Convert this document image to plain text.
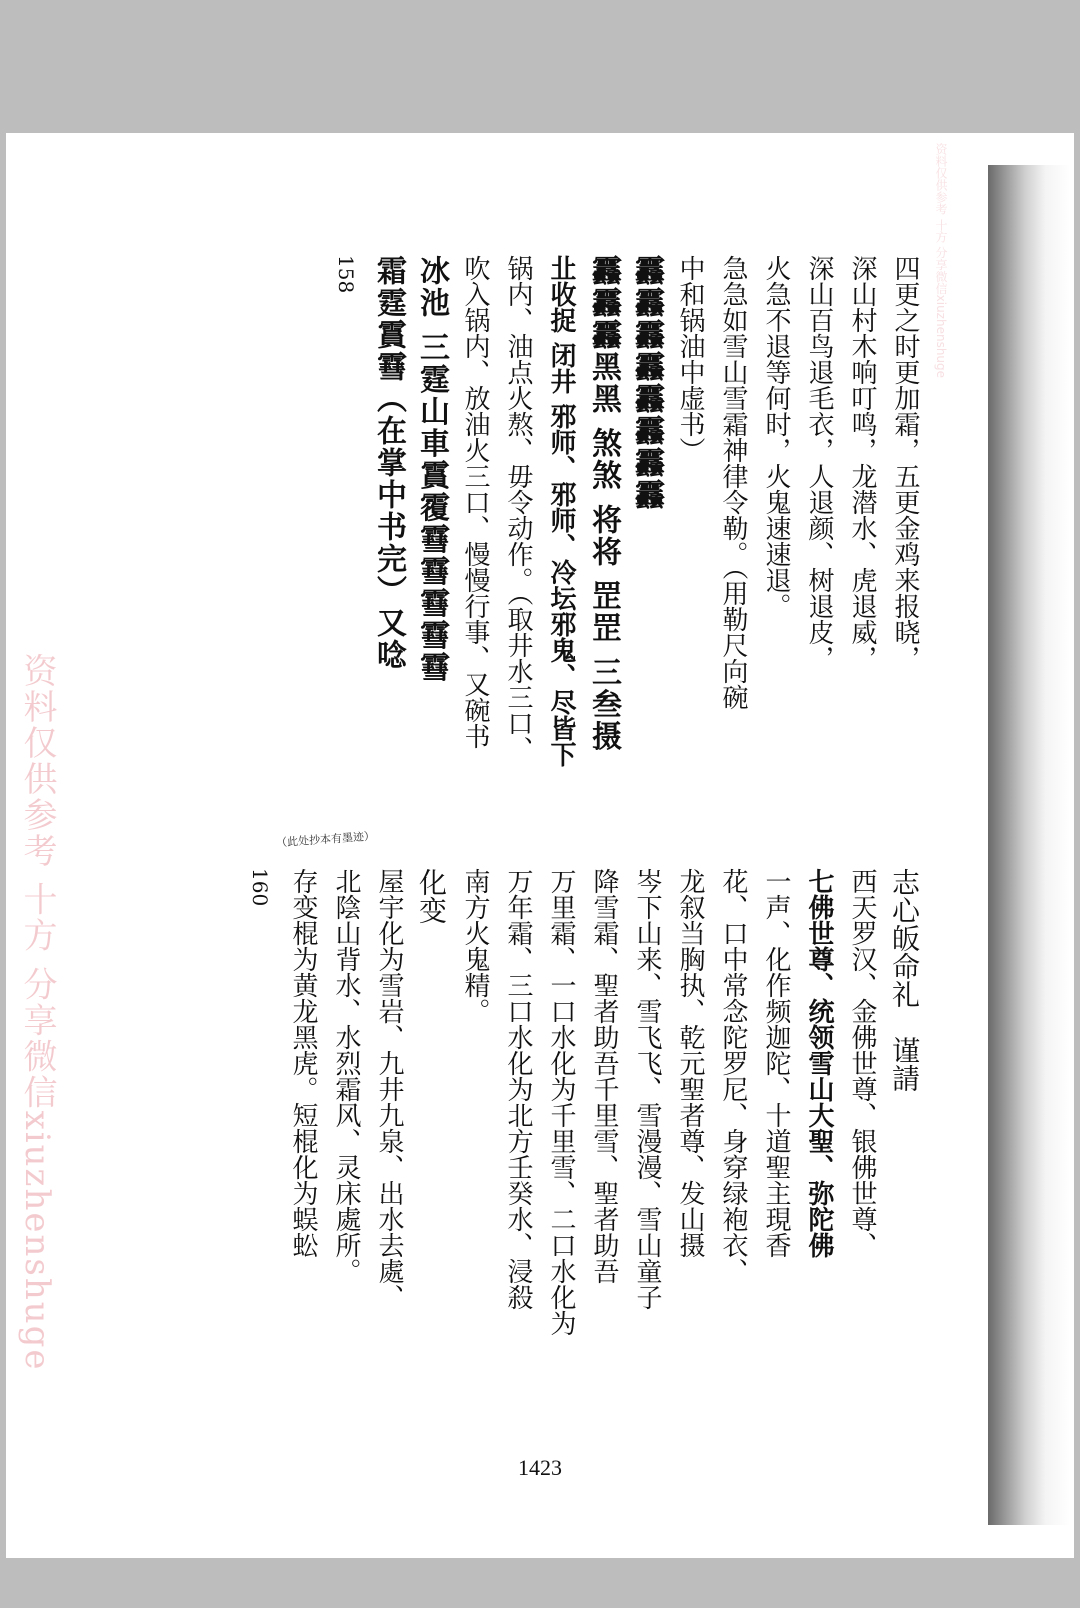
资料仅供参考 十方 分享微信xiuzhenshuge
资料仅供参考 十方 分享微信xiuzhenshuge
四更之时更加霜，五更金鸡来报晓，
深山村木响叮鸣，龙潜水、虎退威，
深山百鸟退毛衣，人退颜、树退皮，
火急不退等何时，火鬼速速退。
急急如雪山雪霜神律令勒。（用勒尺向碗
中和锅油中虚书）
䨺䨺䨺䨺䨺䨺䨺䨺
䨺䨺䨺黑黑 煞煞 将将 罡罡 三叁摄
㐀收捉 闭井 邪师、邪师、冷坛邪鬼、尽皆下
锅内、油点火熬、毋令动作。（取井水三口、
吹入锅内、放油火三口、慢慢行事、又碗书
冰池 三霆山車霣䨱䨮䨮䨮䨮䨮
霜霆霣䨮（在掌中书完）又唸
158
志心皈命礼　谨請
西天罗汉、金佛世尊、银佛世尊、
七佛世尊、统领雪山大聖、弥陀佛
一声、化作频迦陀、十道聖主現香
花、口中常念陀罗尼、身穿绿袍衣、
龙叙当胸执、乾元聖者尊、发山摄
岑下山来、雪飞飞、雪漫漫、雪山童子
降雪霜、聖者助吾千里雪、聖者助吾
万里霜、一口水化为千里雪、二口水化为
万年霜、三口水化为北方壬癸水、浸殺
南方火鬼精。
化变
屋宇化为雪岩、九井九泉、出水去處、
北陰山背水、水烈霜风、灵床處所。
存变棍为黄龙黑虎。短棍化为蜈蚣
160
（此处抄本有墨迹）
1423
